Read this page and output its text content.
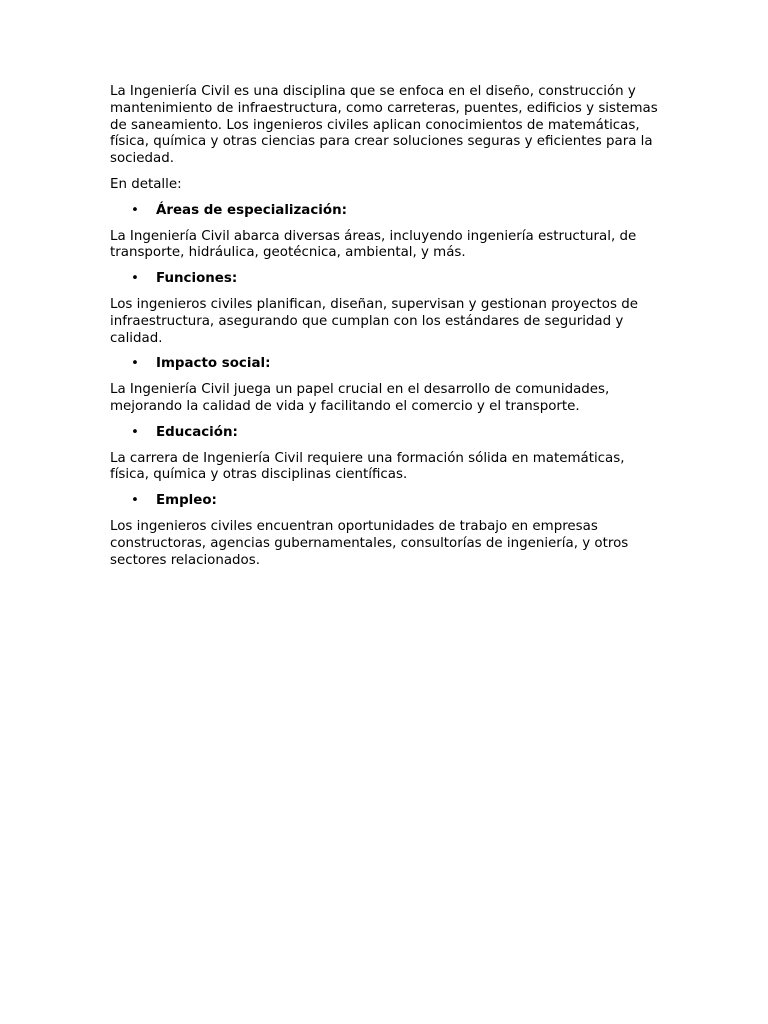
La Ingeniería Civil es una disciplina que se enfoca en el diseño, construcción y mantenimiento de infraestructura, como carreteras, puentes, edificios y sistemas de saneamiento. Los ingenieros civiles aplican conocimientos de matemáticas, física, química y otras ciencias para crear soluciones seguras y eficientes para la sociedad.

En detalle:

• Áreas de especialización:

La Ingeniería Civil abarca diversas áreas, incluyendo ingeniería estructural, de transporte, hidráulica, geotécnica, ambiental, y más.

• Funciones:

Los ingenieros civiles planifican, diseñan, supervisan y gestionan proyectos de infraestructura, asegurando que cumplan con los estándares de seguridad y calidad.

• Impacto social:

La Ingeniería Civil juega un papel crucial en el desarrollo de comunidades, mejorando la calidad de vida y facilitando el comercio y el transporte.

• Educación:

La carrera de Ingeniería Civil requiere una formación sólida en matemáticas, física, química y otras disciplinas científicas.

• Empleo:

Los ingenieros civiles encuentran oportunidades de trabajo en empresas constructoras, agencias gubernamentales, consultorías de ingeniería, y otros sectores relacionados.
